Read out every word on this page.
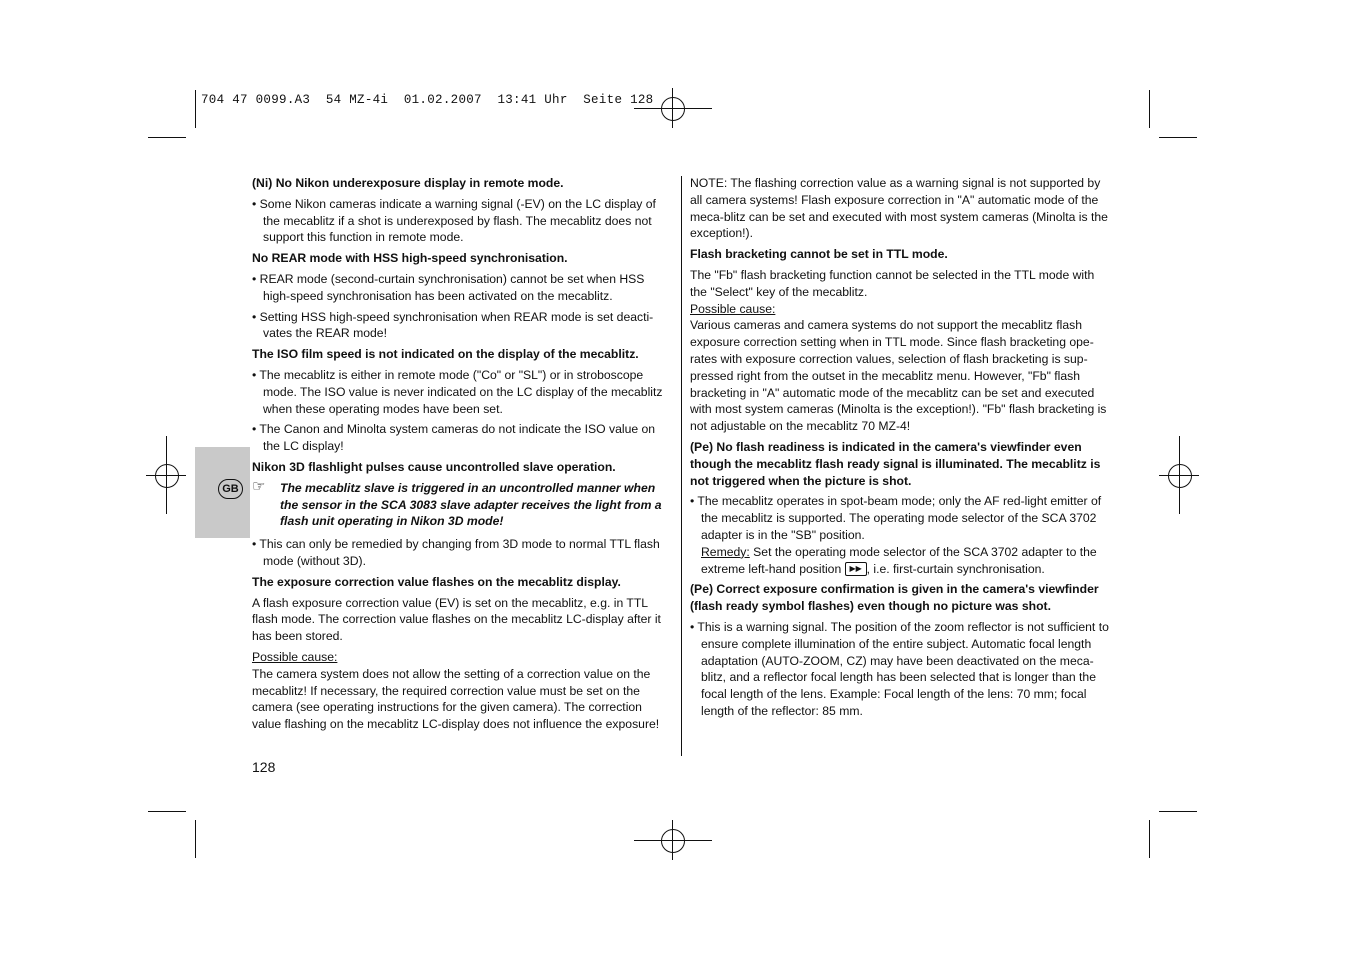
704 47 0099.A3  54 MZ-4i  01.02.2007  13:41 Uhr  Seite 128
GB

(Ni) No Nikon underexposure display in remote mode.

• Some Nikon cameras indicate a warning signal (-EV) on the LC display of the mecablitz if a shot is underexposed by flash. The mecablitz does not support this function in remote mode.

No REAR mode with HSS high-speed synchronisation.

• REAR mode (second-curtain synchronisation) cannot be set when HSS high-speed synchronisation has been activated on the mecablitz.

• Setting HSS high-speed synchronisation when REAR mode is set deacti-vates the REAR mode!

The ISO film speed is not indicated on the display of the mecablitz.

• The mecablitz is either in remote mode ("Co" or "SL") or in stroboscope mode. The ISO value is never indicated on the LC display of the mecablitz when these operating modes have been set.

• The Canon and Minolta system cameras do not indicate the ISO value on the LC display!

Nikon 3D flashlight pulses cause uncontrolled slave operation.

☞ The mecablitz slave is triggered in an uncontrolled manner when the sensor in the SCA 3083 slave adapter receives the light from a flash unit operating in Nikon 3D mode!

• This can only be remedied by changing from 3D mode to normal TTL flash mode (without 3D).

The exposure correction value flashes on the mecablitz display.

A flash exposure correction value (EV) is set on the mecablitz, e.g. in TTL flash mode. The correction value flashes on the mecablitz LC-display after it has been stored.

Possible cause:

The camera system does not allow the setting of a correction value on the mecablitz! If necessary, the required correction value must be set on the camera (see operating instructions for the given camera). The correction value flashing on the mecablitz LC-display does not influence the exposure!

NOTE: The flashing correction value as a warning signal is not supported by all camera systems! Flash exposure correction in "A" automatic mode of the meca-blitz can be set and executed with most system cameras (Minolta is the exception!).

Flash bracketing cannot be set in TTL mode.

The "Fb" flash bracketing function cannot be selected in the TTL mode with the "Select" key of the mecablitz.

Possible cause:

Various cameras and camera systems do not support the mecablitz flash exposure correction setting when in TTL mode. Since flash bracketing ope-rates with exposure correction values, selection of flash bracketing is sup-pressed right from the outset in the mecablitz menu. However, "Fb" flash bracketing in "A" automatic mode of the mecablitz can be set and executed with most system cameras (Minolta is the exception!). "Fb" flash bracketing is not adjustable on the mecablitz 70 MZ-4!

(Pe) No flash readiness is indicated in the camera's viewfinder even though the mecablitz flash ready signal is illuminated. The mecablitz is not triggered when the picture is shot.

• The mecablitz operates in spot-beam mode; only the AF red-light emitter of the mecablitz is supported. The operating mode selector of the SCA 3702 adapter is in the "SB" position.

Remedy: Set the operating mode selector of the SCA 3702 adapter to the extreme left-hand position ▶▶ , i.e. first-curtain synchronisation.

(Pe) Correct exposure confirmation is given in the camera's viewfinder (flash ready symbol flashes) even though no picture was shot.

• This is a warning signal. The position of the zoom reflector is not sufficient to ensure complete illumination of the entire subject. Automatic focal length adaptation (AUTO-ZOOM, CZ) may have been deactivated on the meca-blitz, and a reflector focal length has been selected that is longer than the focal length of the lens. Example: Focal length of the lens: 70 mm; focal length of the reflector: 85 mm.

128
